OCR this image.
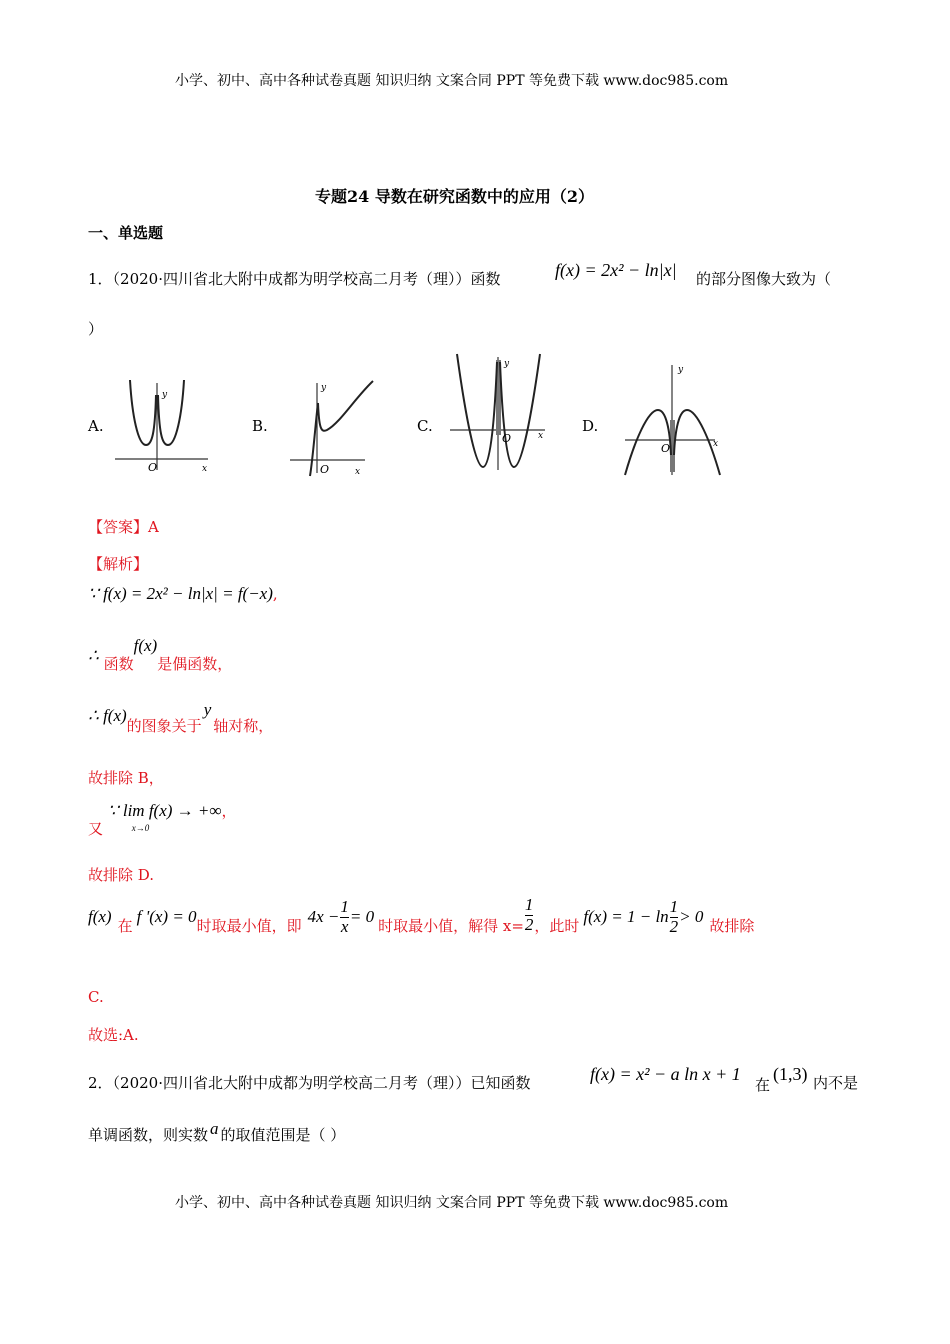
小学、初中、高中各种试卷真题 知识归纳 文案合同 PPT 等免费下载 www.doc985.com
专题24 导数在研究函数中的应用（2）
一、单选题
1．（2020·四川省北大附中成都为明学校高二月考（理））函数	f(x) = 2x² − ln|x| 的部分图像大致为（
）
A.	B.	C.	D.
y
O	x
y
O	x
y
O	x
y
O	x
【答案】A
【解析】
∵ f(x) = 2x² − ln|x| = f(−x),
∴ 函数f(x)是偶函数，
∴ f(x)的图象关于y轴对称，
故排除 B，
又 ∵ lim f(x) → +∞
x→0
，
故排除 D.
f(x) 在 f '(x) = 0 时取最小值，即 $4x - \frac{1}{x} = 0$ 时取最小值，解得 $x= \frac{1}{2}$ ，此时 $f(x) = 1 - \ln \frac{1}{2} > 0$ 故排除
C.
故选:A.
2．（2020·四川省北大附中成都为明学校高二月考（理））已知函数	f(x) = x² − a ln x + 1
在
(1,3) 内不是
单调函数，则实数 a 的取值范围是（ ）
小学、初中、高中各种试卷真题 知识归纳 文案合同 PPT 等免费下载 www.doc985.com
